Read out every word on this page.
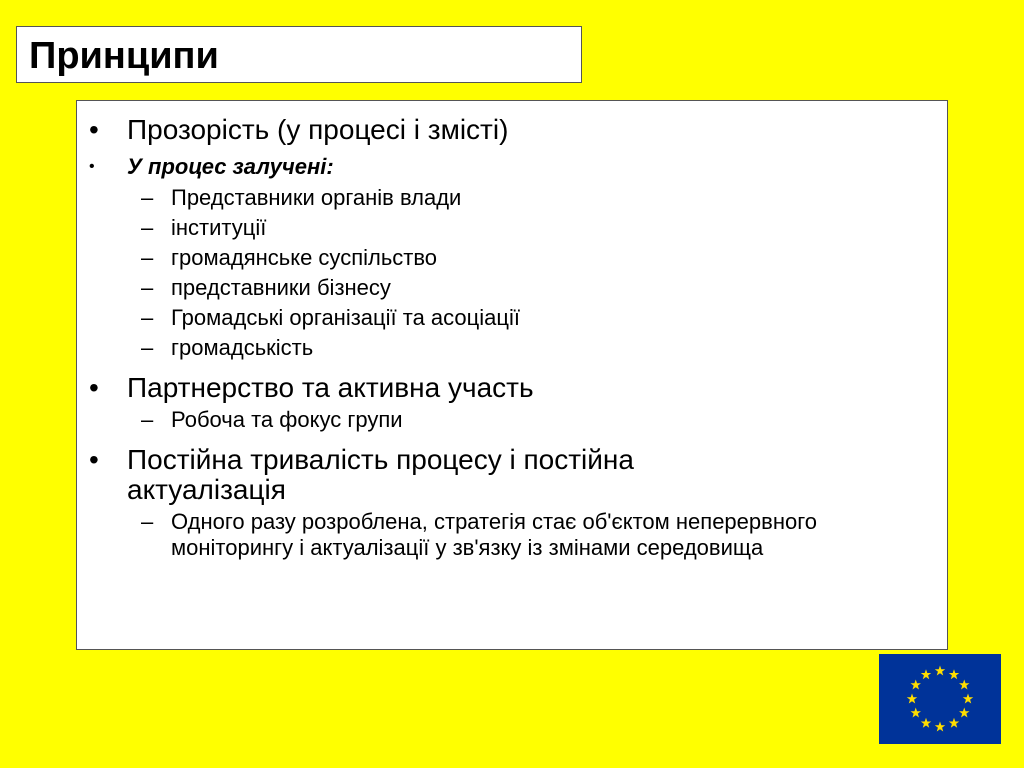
Принципи
• Прозорість (у процесі і змісті)
• У процес залучені:
– Представники органів влади
– інституції
– громадянське суспільство
– представники бізнесу
– Громадські організації та асоціації
– громадськість
• Партнерство та активна участь
– Робоча та фокус групи
• Постійна тривалість процесу і постійна актуалізація
– Одного разу розроблена, стратегія стає об'єктом неперервного моніторингу і актуалізації у зв'язку із змінами середовища
